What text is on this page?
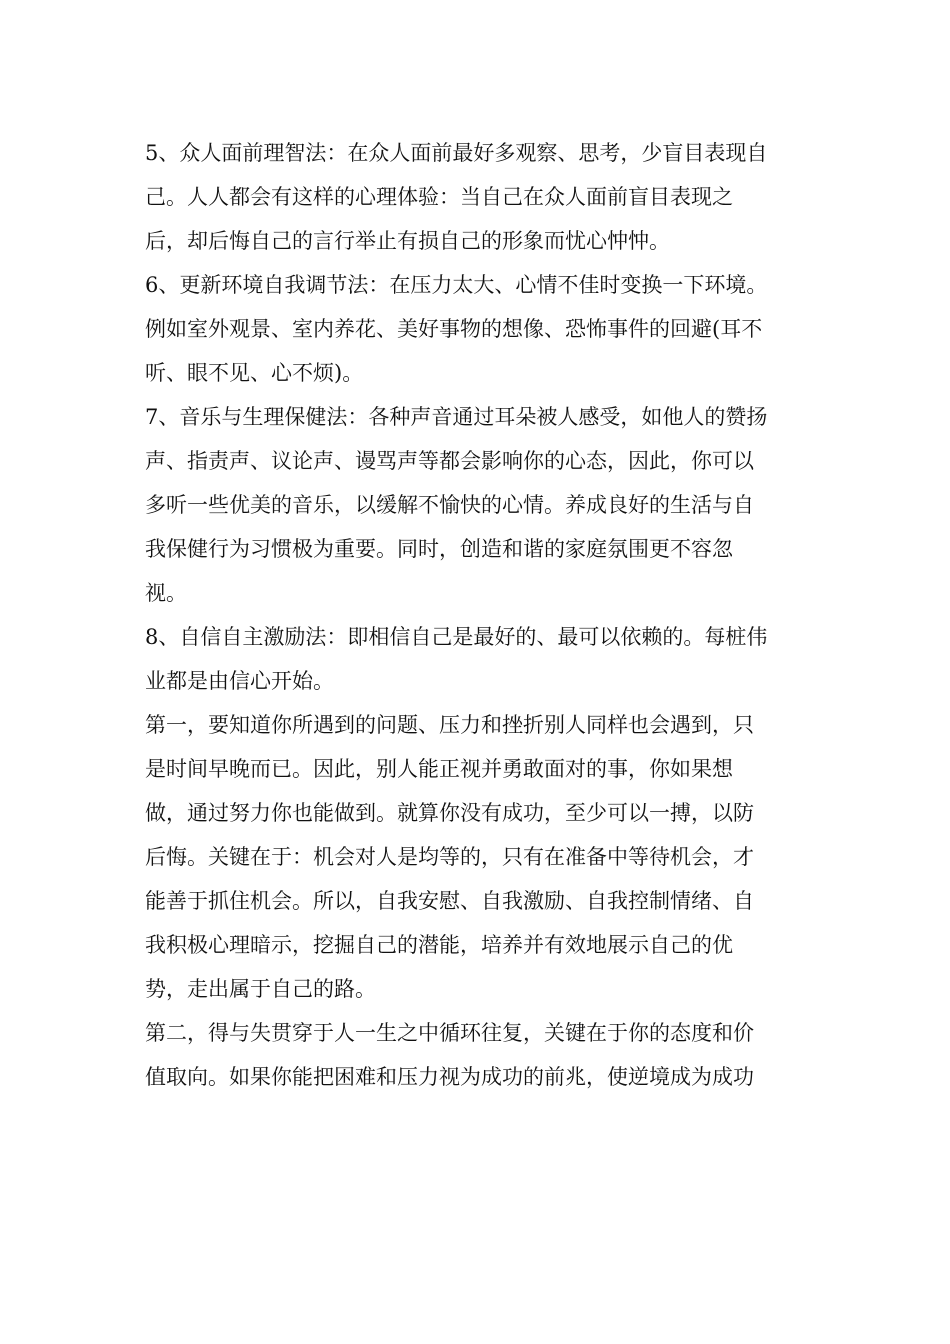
5、众人面前理智法：在众人面前最好多观察、思考，少盲目表现自
己。人人都会有这样的心理体验：当自己在众人面前盲目表现之
后，却后悔自己的言行举止有损自己的形象而忧心忡忡。
6、更新环境自我调节法：在压力太大、心情不佳时变换一下环境。
例如室外观景、室内养花、美好事物的想像、恐怖事件的回避(耳不
听、眼不见、心不烦)。
7、音乐与生理保健法：各种声音通过耳朵被人感受，如他人的赞扬
声、指责声、议论声、谩骂声等都会影响你的心态，因此，你可以
多听一些优美的音乐，以缓解不愉快的心情。养成良好的生活与自
我保健行为习惯极为重要。同时，创造和谐的家庭氛围更不容忽
视。
8、自信自主激励法：即相信自己是最好的、最可以依赖的。每桩伟
业都是由信心开始。
第一，要知道你所遇到的问题、压力和挫折别人同样也会遇到，只
是时间早晚而已。因此，别人能正视并勇敢面对的事，你如果想
做，通过努力你也能做到。就算你没有成功，至少可以一搏，以防
后悔。关键在于：机会对人是均等的，只有在准备中等待机会，才
能善于抓住机会。所以，自我安慰、自我激励、自我控制情绪、自
我积极心理暗示，挖掘自己的潜能，培养并有效地展示自己的优
势，走出属于自己的路。
第二，得与失贯穿于人一生之中循环往复，关键在于你的态度和价
值取向。如果你能把困难和压力视为成功的前兆，使逆境成为成功
